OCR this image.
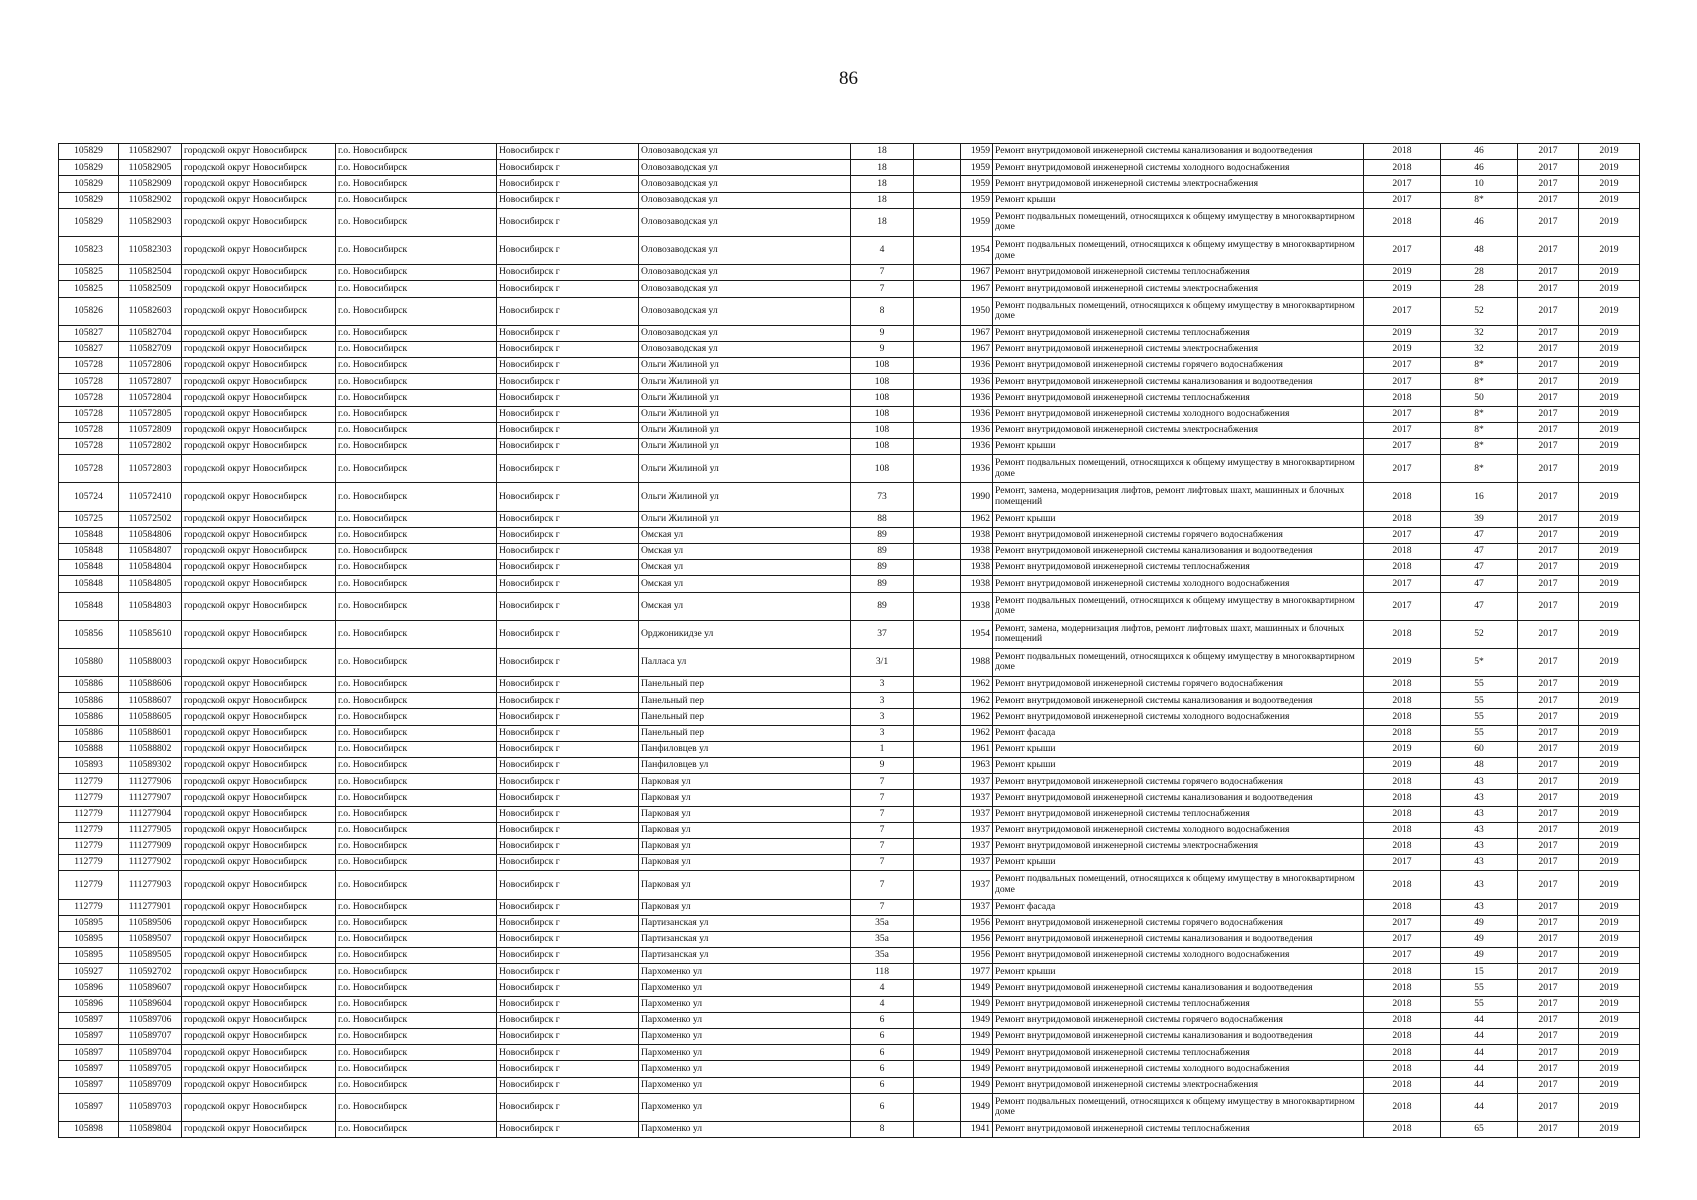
86
105829	110582907	городской округ Новосибирск	г.о. Новосибирск	Новосибирск г	Оловозаводская ул	18		1959	Ремонт внутридомовой инженерной системы канализования и водоотведения	2018	46	2017	2019
105829	110582905	городской округ Новосибирск	г.о. Новосибирск	Новосибирск г	Оловозаводская ул	18		1959	Ремонт внутридомовой инженерной системы холодного водоснабжения	2018	46	2017	2019
105829	110582909	городской округ Новосибирск	г.о. Новосибирск	Новосибирск г	Оловозаводская ул	18		1959	Ремонт внутридомовой инженерной системы электроснабжения	2017	10	2017	2019
105829	110582902	городской округ Новосибирск	г.о. Новосибирск	Новосибирск г	Оловозаводская ул	18		1959	Ремонт крыши	2017	8*	2017	2019
105829	110582903	городской округ Новосибирск	г.о. Новосибирск	Новосибирск г	Оловозаводская ул	18		1959	Ремонт подвальных помещений, относящихся к общему имуществу в многоквартирном доме	2018	46	2017	2019
105823	110582303	городской округ Новосибирск	г.о. Новосибирск	Новосибирск г	Оловозаводская ул	4		1954	Ремонт подвальных помещений, относящихся к общему имуществу в многоквартирном доме	2017	48	2017	2019
105825	110582504	городской округ Новосибирск	г.о. Новосибирск	Новосибирск г	Оловозаводская ул	7		1967	Ремонт внутридомовой инженерной системы теплоснабжения	2019	28	2017	2019
105825	110582509	городской округ Новосибирск	г.о. Новосибирск	Новосибирск г	Оловозаводская ул	7		1967	Ремонт внутридомовой инженерной системы электроснабжения	2019	28	2017	2019
105826	110582603	городской округ Новосибирск	г.о. Новосибирск	Новосибирск г	Оловозаводская ул	8		1950	Ремонт подвальных помещений, относящихся к общему имуществу в многоквартирном доме	2017	52	2017	2019
105827	110582704	городской округ Новосибирск	г.о. Новосибирск	Новосибирск г	Оловозаводская ул	9		1967	Ремонт внутридомовой инженерной системы теплоснабжения	2019	32	2017	2019
105827	110582709	городской округ Новосибирск	г.о. Новосибирск	Новосибирск г	Оловозаводская ул	9		1967	Ремонт внутридомовой инженерной системы электроснабжения	2019	32	2017	2019
105728	110572806	городской округ Новосибирск	г.о. Новосибирск	Новосибирск г	Ольги Жилиной ул	108		1936	Ремонт внутридомовой инженерной системы горячего водоснабжения	2017	8*	2017	2019
105728	110572807	городской округ Новосибирск	г.о. Новосибирск	Новосибирск г	Ольги Жилиной ул	108		1936	Ремонт внутридомовой инженерной системы канализования и водоотведения	2017	8*	2017	2019
105728	110572804	городской округ Новосибирск	г.о. Новосибирск	Новосибирск г	Ольги Жилиной ул	108		1936	Ремонт внутридомовой инженерной системы теплоснабжения	2018	50	2017	2019
105728	110572805	городской округ Новосибирск	г.о. Новосибирск	Новосибирск г	Ольги Жилиной ул	108		1936	Ремонт внутридомовой инженерной системы холодного водоснабжения	2017	8*	2017	2019
105728	110572809	городской округ Новосибирск	г.о. Новосибирск	Новосибирск г	Ольги Жилиной ул	108		1936	Ремонт внутридомовой инженерной системы электроснабжения	2017	8*	2017	2019
105728	110572802	городской округ Новосибирск	г.о. Новосибирск	Новосибирск г	Ольги Жилиной ул	108		1936	Ремонт крыши	2017	8*	2017	2019
105728	110572803	городской округ Новосибирск	г.о. Новосибирск	Новосибирск г	Ольги Жилиной ул	108		1936	Ремонт подвальных помещений, относящихся к общему имуществу в многоквартирном доме	2017	8*	2017	2019
105724	110572410	городской округ Новосибирск	г.о. Новосибирск	Новосибирск г	Ольги Жилиной ул	73		1990	Ремонт, замена, модернизация лифтов, ремонт лифтовых шахт, машинных и блочных помещений	2018	16	2017	2019
105725	110572502	городской округ Новосибирск	г.о. Новосибирск	Новосибирск г	Ольги Жилиной ул	88		1962	Ремонт крыши	2018	39	2017	2019
105848	110584806	городской округ Новосибирск	г.о. Новосибирск	Новосибирск г	Омская ул	89		1938	Ремонт внутридомовой инженерной системы горячего водоснабжения	2017	47	2017	2019
105848	110584807	городской округ Новосибирск	г.о. Новосибирск	Новосибирск г	Омская ул	89		1938	Ремонт внутридомовой инженерной системы канализования и водоотведения	2018	47	2017	2019
105848	110584804	городской округ Новосибирск	г.о. Новосибирск	Новосибирск г	Омская ул	89		1938	Ремонт внутридомовой инженерной системы теплоснабжения	2018	47	2017	2019
105848	110584805	городской округ Новосибирск	г.о. Новосибирск	Новосибирск г	Омская ул	89		1938	Ремонт внутридомовой инженерной системы холодного водоснабжения	2017	47	2017	2019
105848	110584803	городской округ Новосибирск	г.о. Новосибирск	Новосибирск г	Омская ул	89		1938	Ремонт подвальных помещений, относящихся к общему имуществу в многоквартирном доме	2017	47	2017	2019
105856	110585610	городской округ Новосибирск	г.о. Новосибирск	Новосибирск г	Орджоникидзе ул	37		1954	Ремонт, замена, модернизация лифтов, ремонт лифтовых шахт, машинных и блочных помещений	2018	52	2017	2019
105880	110588003	городской округ Новосибирск	г.о. Новосибирск	Новосибирск г	Палласа ул	3/1		1988	Ремонт подвальных помещений, относящихся к общему имуществу в многоквартирном доме	2019	5*	2017	2019
105886	110588606	городской округ Новосибирск	г.о. Новосибирск	Новосибирск г	Панельный пер	3		1962	Ремонт внутридомовой инженерной системы горячего водоснабжения	2018	55	2017	2019
105886	110588607	городской округ Новосибирск	г.о. Новосибирск	Новосибирск г	Панельный пер	3		1962	Ремонт внутридомовой инженерной системы канализования и водоотведения	2018	55	2017	2019
105886	110588605	городской округ Новосибирск	г.о. Новосибирск	Новосибирск г	Панельный пер	3		1962	Ремонт внутридомовой инженерной системы холодного водоснабжения	2018	55	2017	2019
105886	110588601	городской округ Новосибирск	г.о. Новосибирск	Новосибирск г	Панельный пер	3		1962	Ремонт фасада	2018	55	2017	2019
105888	110588802	городской округ Новосибирск	г.о. Новосибирск	Новосибирск г	Панфиловцев ул	1		1961	Ремонт крыши	2019	60	2017	2019
105893	110589302	городской округ Новосибирск	г.о. Новосибирск	Новосибирск г	Панфиловцев ул	9		1963	Ремонт крыши	2019	48	2017	2019
112779	111277906	городской округ Новосибирск	г.о. Новосибирск	Новосибирск г	Парковая ул	7		1937	Ремонт внутридомовой инженерной системы горячего водоснабжения	2018	43	2017	2019
112779	111277907	городской округ Новосибирск	г.о. Новосибирск	Новосибирск г	Парковая ул	7		1937	Ремонт внутридомовой инженерной системы канализования и водоотведения	2018	43	2017	2019
112779	111277904	городской округ Новосибирск	г.о. Новосибирск	Новосибирск г	Парковая ул	7		1937	Ремонт внутридомовой инженерной системы теплоснабжения	2018	43	2017	2019
112779	111277905	городской округ Новосибирск	г.о. Новосибирск	Новосибирск г	Парковая ул	7		1937	Ремонт внутридомовой инженерной системы холодного водоснабжения	2018	43	2017	2019
112779	111277909	городской округ Новосибирск	г.о. Новосибирск	Новосибирск г	Парковая ул	7		1937	Ремонт внутридомовой инженерной системы электроснабжения	2018	43	2017	2019
112779	111277902	городской округ Новосибирск	г.о. Новосибирск	Новосибирск г	Парковая ул	7		1937	Ремонт крыши	2017	43	2017	2019
112779	111277903	городской округ Новосибирск	г.о. Новосибирск	Новосибирск г	Парковая ул	7		1937	Ремонт подвальных помещений, относящихся к общему имуществу в многоквартирном доме	2018	43	2017	2019
112779	111277901	городской округ Новосибирск	г.о. Новосибирск	Новосибирск г	Парковая ул	7		1937	Ремонт фасада	2018	43	2017	2019
105895	110589506	городской округ Новосибирск	г.о. Новосибирск	Новосибирск г	Партизанская ул	35а		1956	Ремонт внутридомовой инженерной системы горячего водоснабжения	2017	49	2017	2019
105895	110589507	городской округ Новосибирск	г.о. Новосибирск	Новосибирск г	Партизанская ул	35а		1956	Ремонт внутридомовой инженерной системы канализования и водоотведения	2017	49	2017	2019
105895	110589505	городской округ Новосибирск	г.о. Новосибирск	Новосибирск г	Партизанская ул	35а		1956	Ремонт внутридомовой инженерной системы холодного водоснабжения	2017	49	2017	2019
105927	110592702	городской округ Новосибирск	г.о. Новосибирск	Новосибирск г	Пархоменко ул	118		1977	Ремонт крыши	2018	15	2017	2019
105896	110589607	городской округ Новосибирск	г.о. Новосибирск	Новосибирск г	Пархоменко ул	4		1949	Ремонт внутридомовой инженерной системы канализования и водоотведения	2018	55	2017	2019
105896	110589604	городской округ Новосибирск	г.о. Новосибирск	Новосибирск г	Пархоменко ул	4		1949	Ремонт внутридомовой инженерной системы теплоснабжения	2018	55	2017	2019
105897	110589706	городской округ Новосибирск	г.о. Новосибирск	Новосибирск г	Пархоменко ул	6		1949	Ремонт внутридомовой инженерной системы горячего водоснабжения	2018	44	2017	2019
105897	110589707	городской округ Новосибирск	г.о. Новосибирск	Новосибирск г	Пархоменко ул	6		1949	Ремонт внутридомовой инженерной системы канализования и водоотведения	2018	44	2017	2019
105897	110589704	городской округ Новосибирск	г.о. Новосибирск	Новосибирск г	Пархоменко ул	6		1949	Ремонт внутридомовой инженерной системы теплоснабжения	2018	44	2017	2019
105897	110589705	городской округ Новосибирск	г.о. Новосибирск	Новосибирск г	Пархоменко ул	6		1949	Ремонт внутридомовой инженерной системы холодного водоснабжения	2018	44	2017	2019
105897	110589709	городской округ Новосибирск	г.о. Новосибирск	Новосибирск г	Пархоменко ул	6		1949	Ремонт внутридомовой инженерной системы электроснабжения	2018	44	2017	2019
105897	110589703	городской округ Новосибирск	г.о. Новосибирск	Новосибирск г	Пархоменко ул	6		1949	Ремонт подвальных помещений, относящихся к общему имуществу в многоквартирном доме	2018	44	2017	2019
105898	110589804	городской округ Новосибирск	г.о. Новосибирск	Новосибирск г	Пархоменко ул	8		1941	Ремонт внутридомовой инженерной системы теплоснабжения	2018	65	2017	2019
